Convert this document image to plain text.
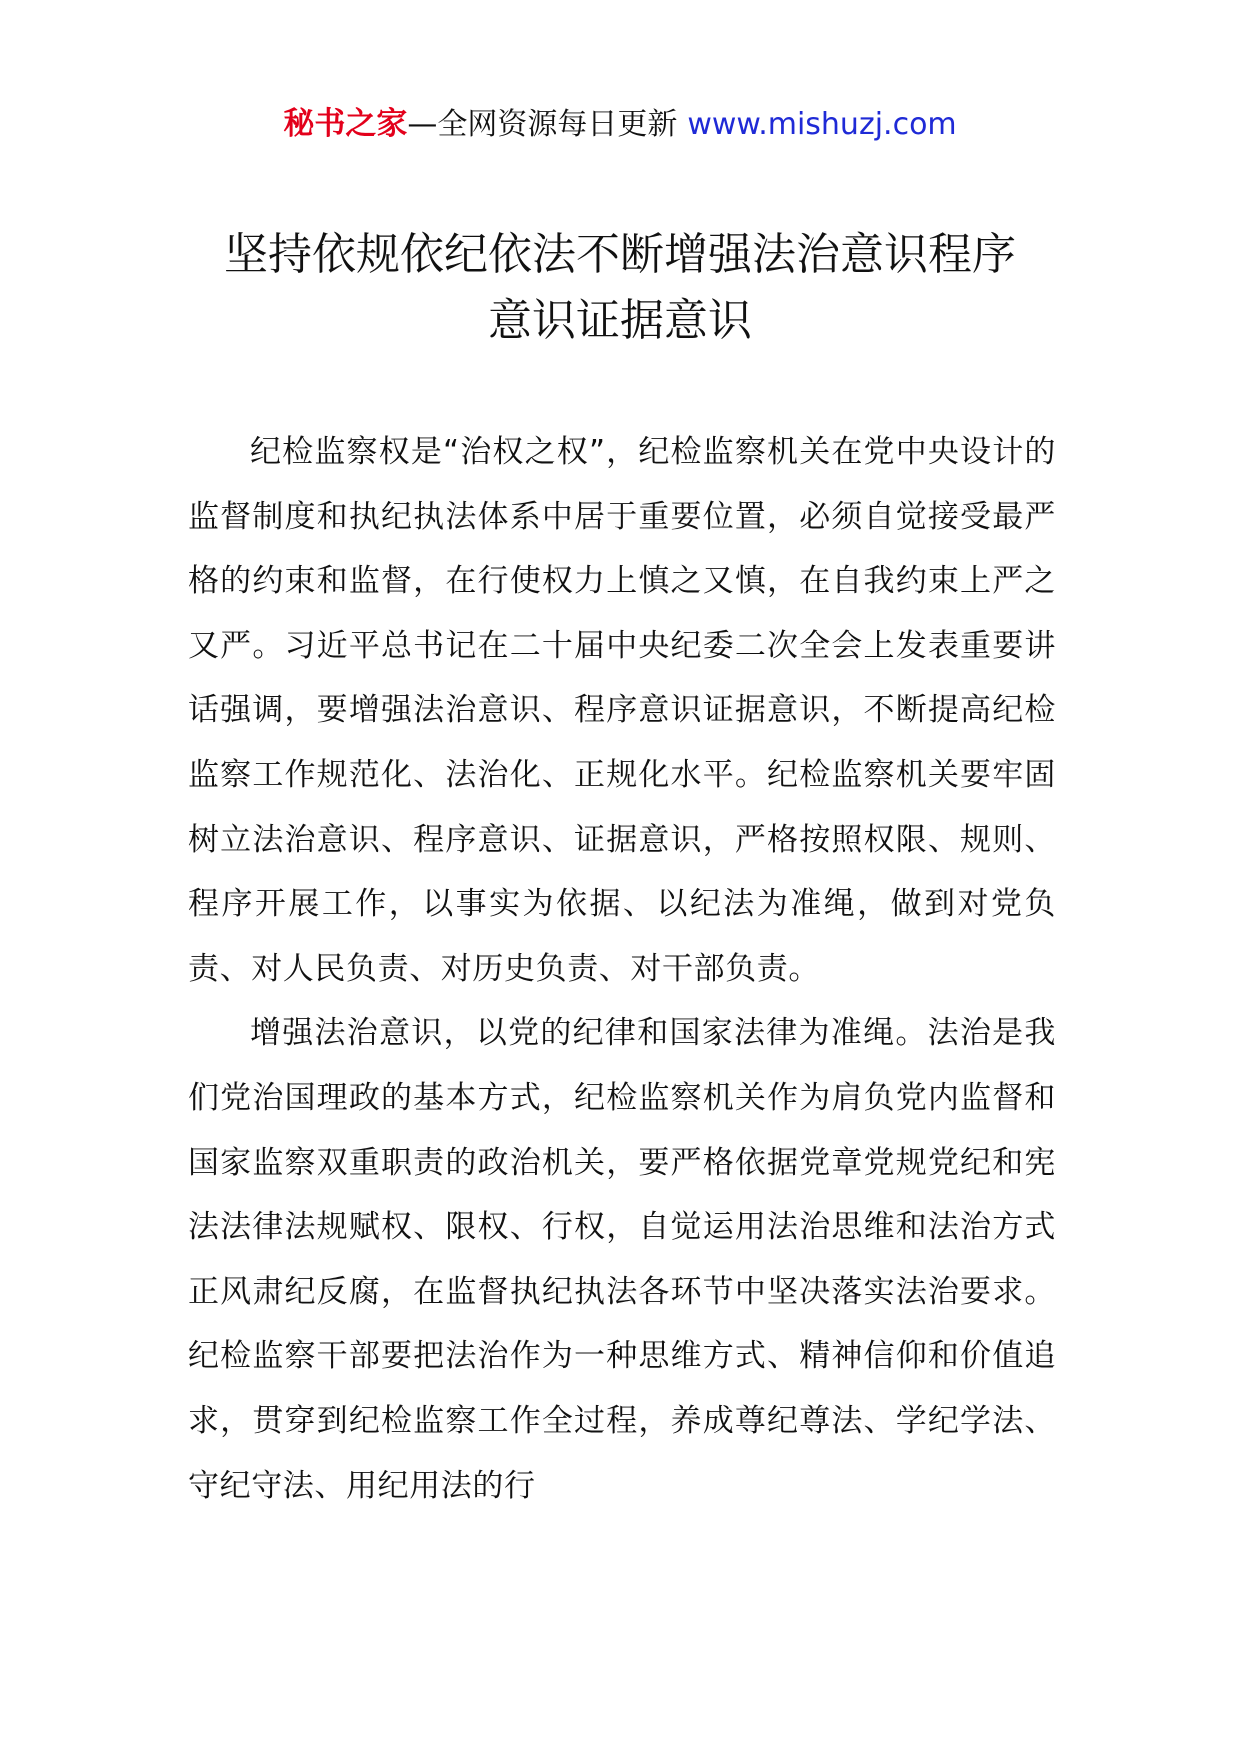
秘书之家—全网资源每日更新 www.mishuzj.com
坚持依规依纪依法不断增强法治意识程序
意识证据意识

纪检监察权是“治权之权”，纪检监察机关在党中央设计的监督制度和执纪执法体系中居于重要位置，必须自觉接受最严格的约束和监督，在行使权力上慎之又慎，在自我约束上严之又严。习近平总书记在二十届中央纪委二次全会上发表重要讲话强调，要增强法治意识、程序意识证据意识，不断提高纪检监察工作规范化、法治化、正规化水平。纪检监察机关要牢固树立法治意识、程序意识、证据意识，严格按照权限、规则、程序开展工作，以事实为依据、以纪法为准绳，做到对党负责、对人民负责、对历史负责、对干部负责。

增强法治意识，以党的纪律和国家法律为准绳。法治是我们党治国理政的基本方式，纪检监察机关作为肩负党内监督和国家监察双重职责的政治机关，要严格依据党章党规党纪和宪法法律法规赋权、限权、行权，自觉运用法治思维和法治方式正风肃纪反腐，在监督执纪执法各环节中坚决落实法治要求。纪检监察干部要把法治作为一种思维方式、精神信仰和价值追求，贯穿到纪检监察工作全过程，养成尊纪尊法、学纪学法、守纪守法、用纪用法的行
